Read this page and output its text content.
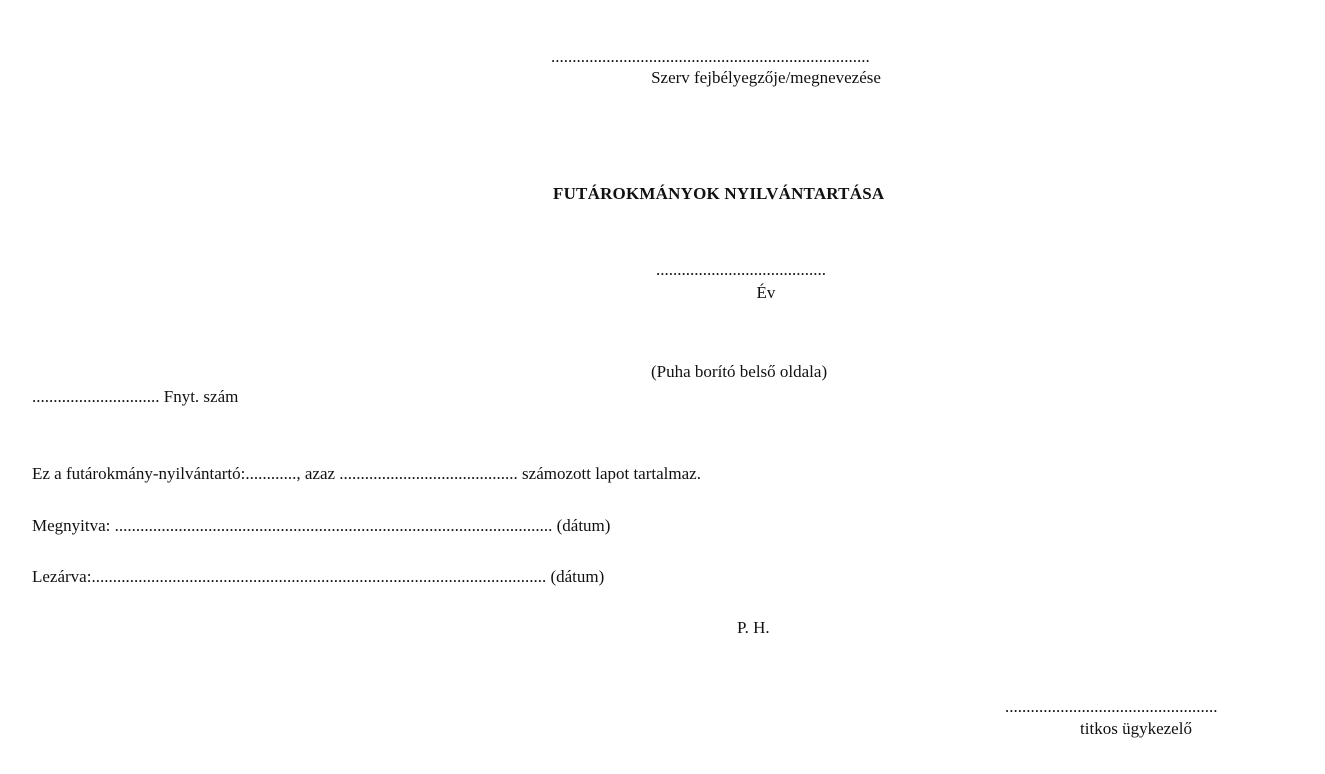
...........................................................................
Szerv fejbélyegzője/megnevezése
FUTÁROKMÁNYOK NYILVÁNTARTÁSA
........................................
Év
(Puha borító belső oldala)
.............................. Fnyt. szám
Ez a futárokmány-nyilvántartó:............, azaz .......................................... számozott lapot tartalmaz.
Megnyitva: ....................................................................................................... (dátum)
Lezárva:........................................................................................................... (dátum)
P. H.
..................................................
titkos ügykezelő
